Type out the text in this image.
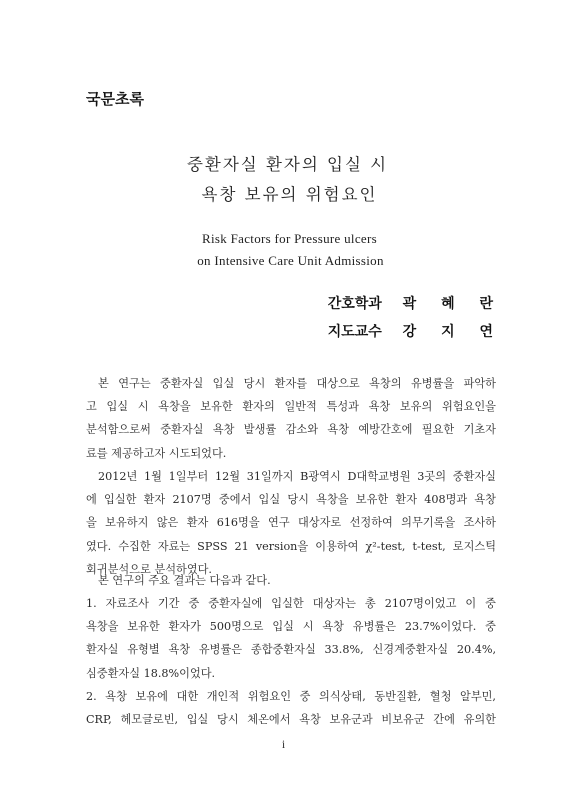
국문초록
중환자실 환자의 입실 시
욕창 보유의 위험요인
Risk Factors for Pressure ulcers
on Intensive Care Unit Admission
간호학과 곽 혜 란
지도교수 강 지 연
본 연구는 중환자실 입실 당시 환자를 대상으로 욕창의 유병률을 파악하
고 입실 시 욕창을 보유한 환자의 일반적 특성과 욕창 보유의 위험요인을
분석함으로써 중환자실 욕창 발생률 감소와 욕창 예방간호에 필요한 기초자
료를 제공하고자 시도되었다.
2012년 1월 1일부터 12월 31일까지 B광역시 D대학교병원 3곳의 중환자실
에 입실한 환자 2107명 중에서 입실 당시 욕창을 보유한 환자 408명과 욕창
을 보유하지 않은 환자 616명을 연구 대상자로 선정하여 의무기록을 조사하
였다. 수집한 자료는 SPSS 21 version을 이용하여 χ²-test, t-test, 로지스틱
회귀분석으로 분석하였다.
본 연구의 주요 결과는 다음과 같다.
1. 자료조사 기간 중 중환자실에 입실한 대상자는 총 2107명이었고 이 중
욕창을 보유한 환자가 500명으로 입실 시 욕창 유병률은 23.7%이었다. 중
환자실 유형별 욕창 유병률은 종합중환자실 33.8%, 신경계중환자실 20.4%,
심중환자실 18.8%이었다.
2. 욕창 보유에 대한 개인적 위험요인 중 의식상태, 동반질환, 혈청 알부민,
CRP, 헤모글로빈, 입실 당시 체온에서 욕창 보유군과 비보유군 간에 유의한
i
